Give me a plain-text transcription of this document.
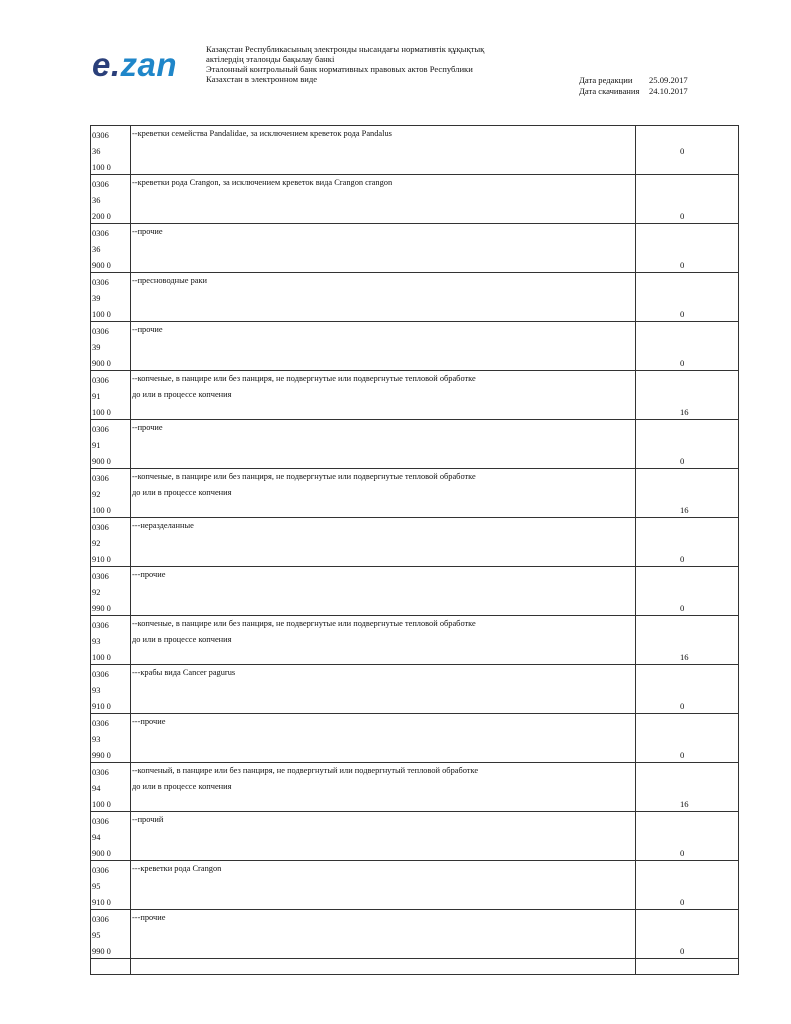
e.zan	Казақстан Республикасының электронды нысандағы нормативтік құқықтық
актілердің эталонды бақылау банкі
Эталонный контрольный банк нормативных правовых актов Республики
Казахстан в электронном виде	Дата редакции 25.09.2017
Дата скачивания 24.10.2017
0306
36
100 0
--креветки семейства Pandalidae, за исключением креветок рода Pandalus
0
0306
36
200 0
--креветки рода Crangon, за исключением креветок вида Crangon crangon
0
0306
36
900 0
--прочие
0
0306
39
100 0
--пресноводные раки
0
0306
39
900 0
--прочие
0
0306
91
100 0
--копченые, в панцире или без панциря, не подвергнутые или подвергнутые тепловой обработке
до или в процессе копчения
16
0306
91
900 0
--прочие
0
0306
92
100 0
--копченые, в панцире или без панциря, не подвергнутые или подвергнутые тепловой обработке
до или в процессе копчения
16
0306
92
910 0
---неразделанные
0
0306
92
990 0
---прочие
0
0306
93
100 0
--копченые, в панцире или без панциря, не подвергнутые или подвергнутые тепловой обработке
до или в процессе копчения
16
0306
93
910 0
---крабы вида Cancer pagurus
0
0306
93
990 0
---прочие
0
0306
94
100 0
--копченый, в панцире или без панциря, не подвергнутый или подвергнутый тепловой обработке
до или в процессе копчения
16
0306
94
900 0
--прочий
0
0306
95
910 0
---креветки рода Crangon
0
0306
95
990 0
---прочие
0
